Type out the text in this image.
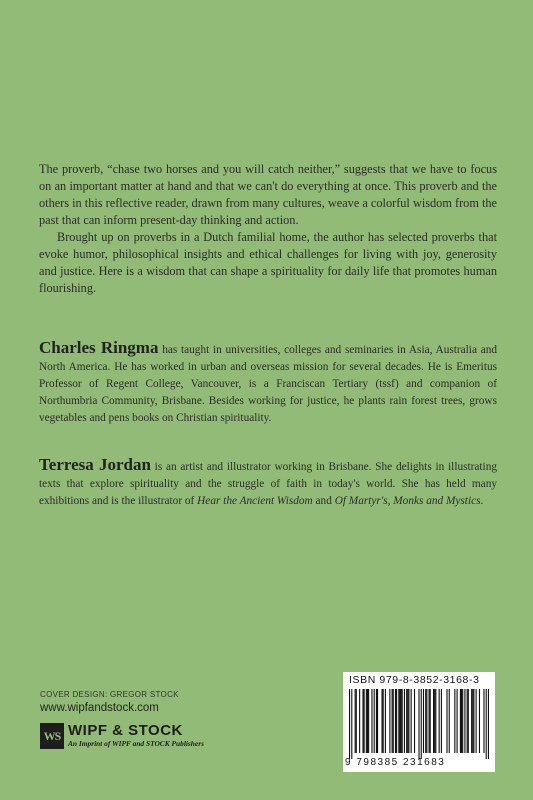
The proverb, “chase two horses and you will catch neither,” suggests that we have to focus on an important matter at hand and that we can't do everything at once. This proverb and the others in this reflective reader, drawn from many cultures, weave a colorful wisdom from the past that can inform present-day thinking and action.

Brought up on proverbs in a Dutch familial home, the author has selected proverbs that evoke humor, philosophical insights and ethical challenges for living with joy, generosity and justice. Here is a wisdom that can shape a spirituality for daily life that promotes human flourishing.

Charles Ringma has taught in universities, colleges and seminaries in Asia, Australia and North America. He has worked in urban and overseas mission for several decades. He is Emeritus Professor of Regent College, Vancouver, is a Franciscan Tertiary (tssf) and companion of Northumbria Community, Brisbane. Besides working for justice, he plants rain forest trees, grows vegetables and pens books on Christian spirituality.

Terresa Jordan is an artist and illustrator working in Brisbane. She delights in illustrating texts that explore spirituality and the struggle of faith in today's world. She has held many exhibitions and is the illustrator of Hear the Ancient Wisdom and Of Martyr's, Monks and Mystics.

COVER DESIGN: GREGOR STOCK
www.wipfandstock.com
WS WIPF & STOCK
An Imprint of WIPF and STOCK Publishers
ISBN 979-8-3852-3168-3
9 798385 231683
